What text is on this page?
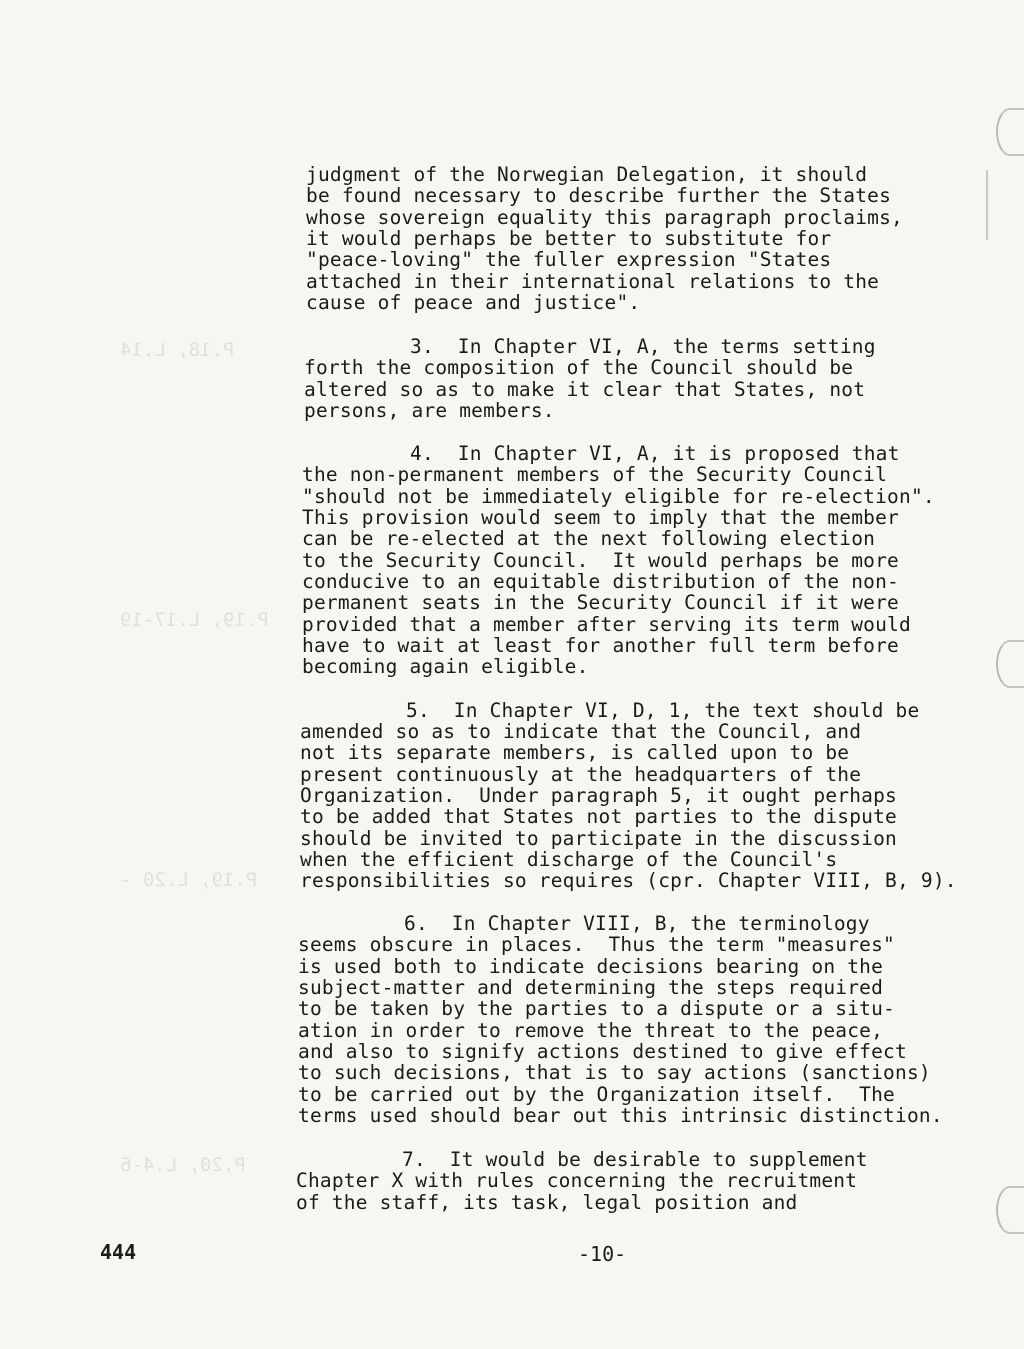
P.18, L.14
P.19, L.20 -
P.20, L.4-6
P.19, L.17-19
judgment of the Norwegian Delegation, it should
be found necessary to describe further the States
whose sovereign equality this paragraph proclaims,
it would perhaps be better to substitute for
"peace-loving" the fuller expression "States
attached in their international relations to the
cause of peace and justice".
3.  In Chapter VI, A, the terms setting
forth the composition of the Council should be
altered so as to make it clear that States, not
persons, are members.
4.  In Chapter VI, A, it is proposed that
the non-permanent members of the Security Council
"should not be immediately eligible for re-election".
This provision would seem to imply that the member
can be re-elected at the next following election
to the Security Council.  It would perhaps be more
conducive to an equitable distribution of the non-
permanent seats in the Security Council if it were
provided that a member after serving its term would
have to wait at least for another full term before
becoming again eligible.
5.  In Chapter VI, D, 1, the text should be
amended so as to indicate that the Council, and
not its separate members, is called upon to be
present continuously at the headquarters of the
Organization.  Under paragraph 5, it ought perhaps
to be added that States not parties to the dispute
should be invited to participate in the discussion
when the efficient discharge of the Council's
responsibilities so requires (cpr. Chapter VIII, B, 9).
6.  In Chapter VIII, B, the terminology
seems obscure in places.  Thus the term "measures"
is used both to indicate decisions bearing on the
subject-matter and determining the steps required
to be taken by the parties to a dispute or a situ-
ation in order to remove the threat to the peace,
and also to signify actions destined to give effect
to such decisions, that is to say actions (sanctions)
to be carried out by the Organization itself.  The
terms used should bear out this intrinsic distinction.
7.  It would be desirable to supplement
Chapter X with rules concerning the recruitment
of the staff, its task, legal position and
444	-10-
